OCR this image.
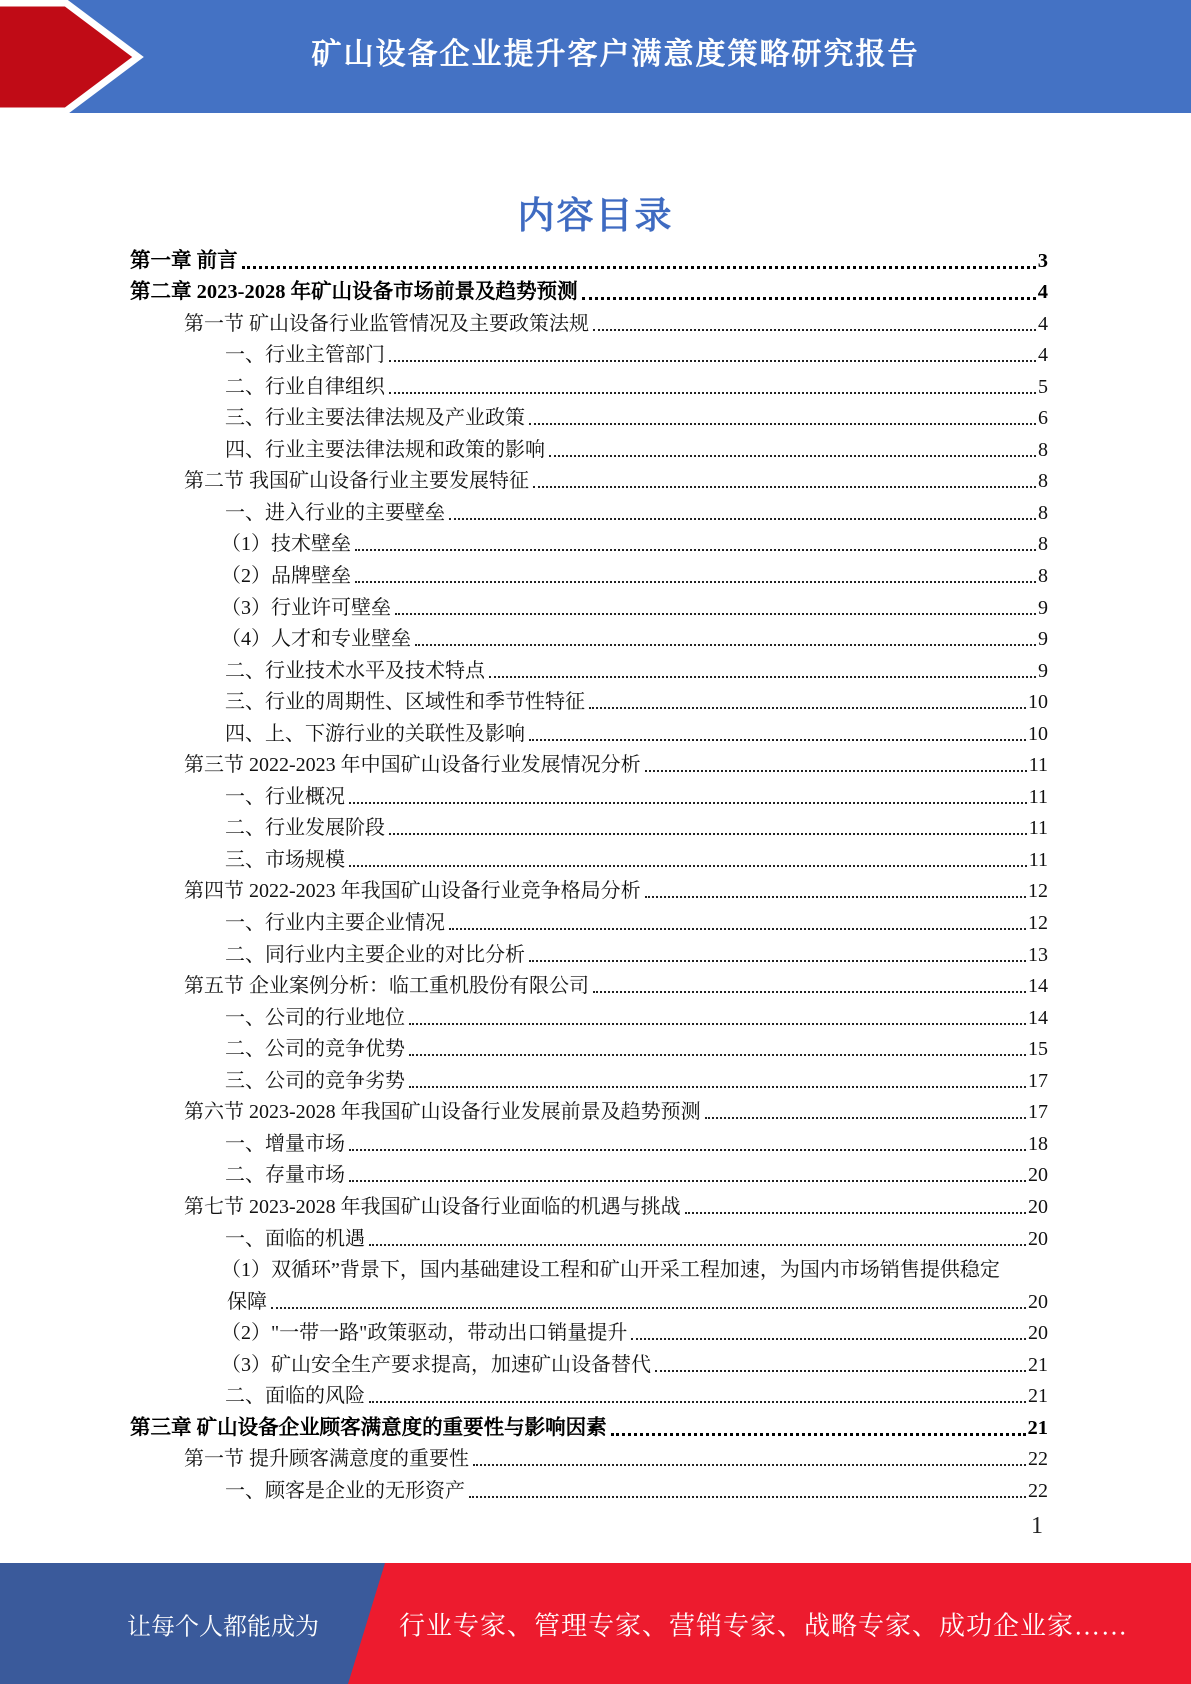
矿山设备企业提升客户满意度策略研究报告
内容目录
第一章 前言	3
第二章 2023-2028 年矿山设备市场前景及趋势预测	4
第一节 矿山设备行业监管情况及主要政策法规	4
一、行业主管部门	4
二、行业自律组织	5
三、行业主要法律法规及产业政策	6
四、行业主要法律法规和政策的影响	8
第二节 我国矿山设备行业主要发展特征	8
一、进入行业的主要壁垒	8
（1）技术壁垒	8
（2）品牌壁垒	8
（3）行业许可壁垒	9
（4）人才和专业壁垒	9
二、行业技术水平及技术特点	9
三、行业的周期性、区域性和季节性特征	10
四、上、下游行业的关联性及影响	10
第三节 2022-2023 年中国矿山设备行业发展情况分析	11
一、行业概况	11
二、行业发展阶段	11
三、市场规模	11
第四节 2022-2023 年我国矿山设备行业竞争格局分析	12
一、行业内主要企业情况	12
二、同行业内主要企业的对比分析	13
第五节 企业案例分析：临工重机股份有限公司	14
一、公司的行业地位	14
二、公司的竞争优势	15
三、公司的竞争劣势	17
第六节 2023-2028 年我国矿山设备行业发展前景及趋势预测	17
一、增量市场	18
二、存量市场	20
第七节 2023-2028 年我国矿山设备行业面临的机遇与挑战	20
一、面临的机遇	20
（1）双循环”背景下，国内基础建设工程和矿山开采工程加速，为国内市场销售提供稳定
保障	20
（2）"一带一路"政策驱动，带动出口销量提升	20
（3）矿山安全生产要求提高，加速矿山设备替代	21
二、面临的风险	21
第三章 矿山设备企业顾客满意度的重要性与影响因素	21
第一节 提升顾客满意度的重要性	22
一、顾客是企业的无形资产	22
1
让每个人都能成为	行业专家、管理专家、营销专家、战略专家、成功企业家……
